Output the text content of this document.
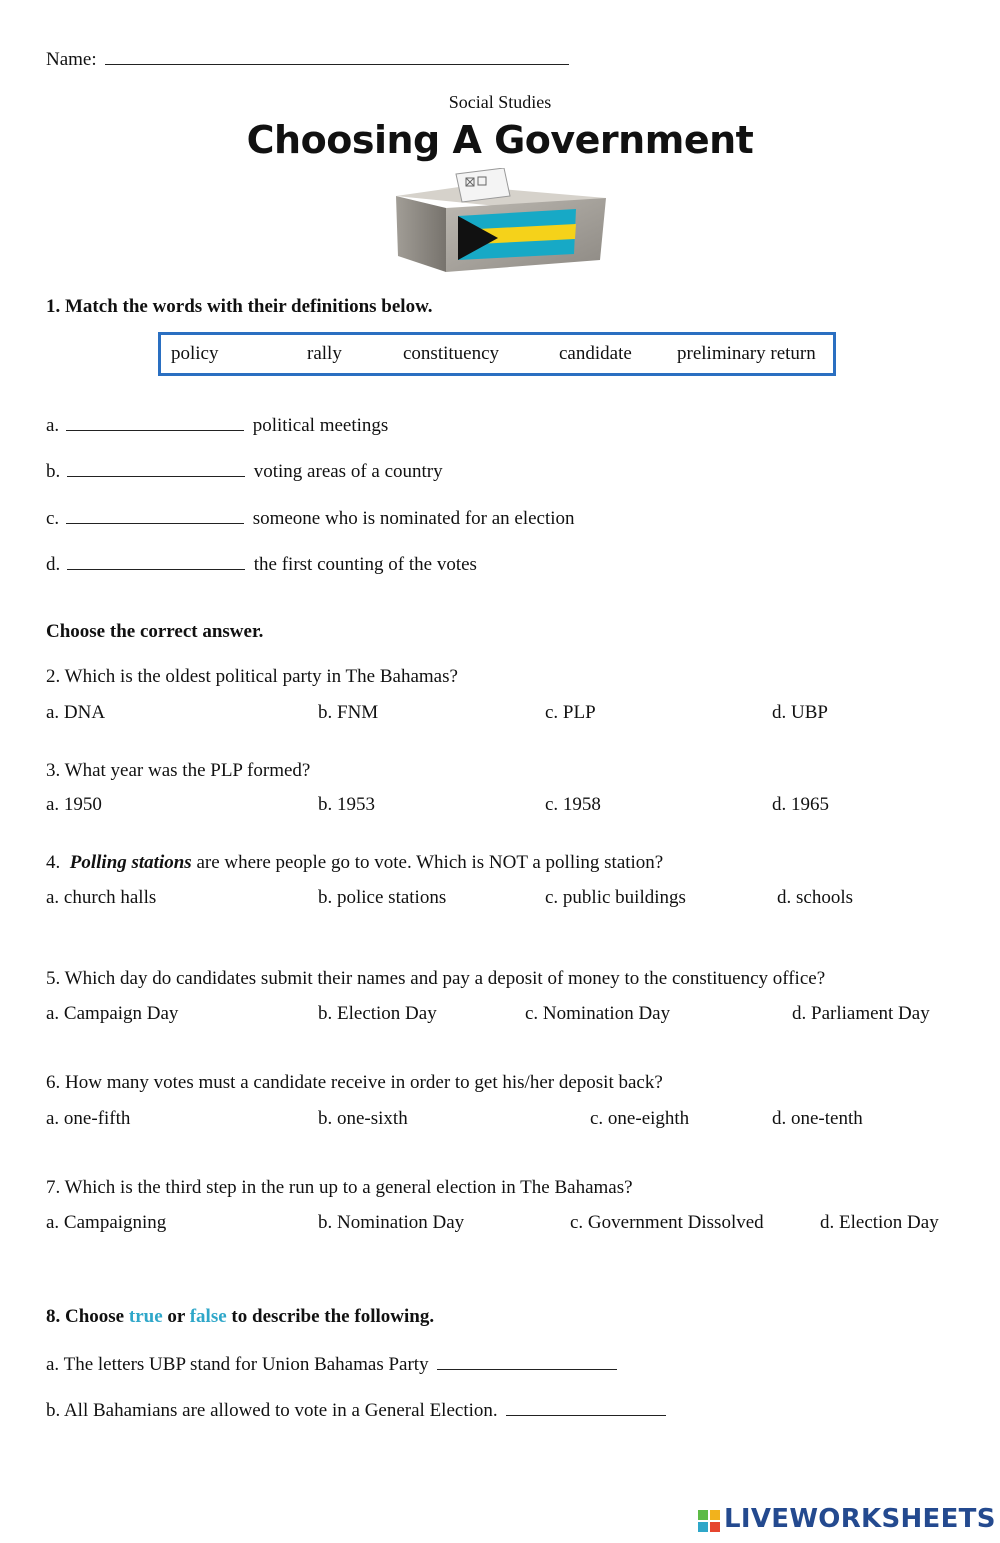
Name:
Social Studies
Choosing A Government
1. Match the words with their definitions below.
policy	rally	constituency	candidate preliminary return
a.	political meetings
b.	voting areas of a country
c.	someone who is nominated for an election
d.	the first counting of the votes
Choose the correct answer.
2. Which is the oldest political party in The Bahamas?
a. DNA	b. FNM	c. PLP	d. UBP
3. What year was the PLP formed?
a. 1950	b. 1953	c. 1958	d. 1965
4. Polling stations are where people go to vote. Which is NOT a polling station?
a. church halls	b. police stations	c. public buildings	d. schools
5. Which day do candidates submit their names and pay a deposit of money to the constituency office?
a. Campaign Day	b. Election Day	c. Nomination Day	d. Parliament Day
6. How many votes must a candidate receive in order to get his/her deposit back?
a. one-fifth	b. one-sixth	c. one-eighth	d. one-tenth
7. Which is the third step in the run up to a general election in The Bahamas?
a. Campaigning	b. Nomination Day	c. Government Dissolved	d. Election Day
8. Choose true or false to describe the following.
a. The letters UBP stand for Union Bahamas Party
b. All Bahamians are allowed to vote in a General Election.
LIVEWORKSHEETS
